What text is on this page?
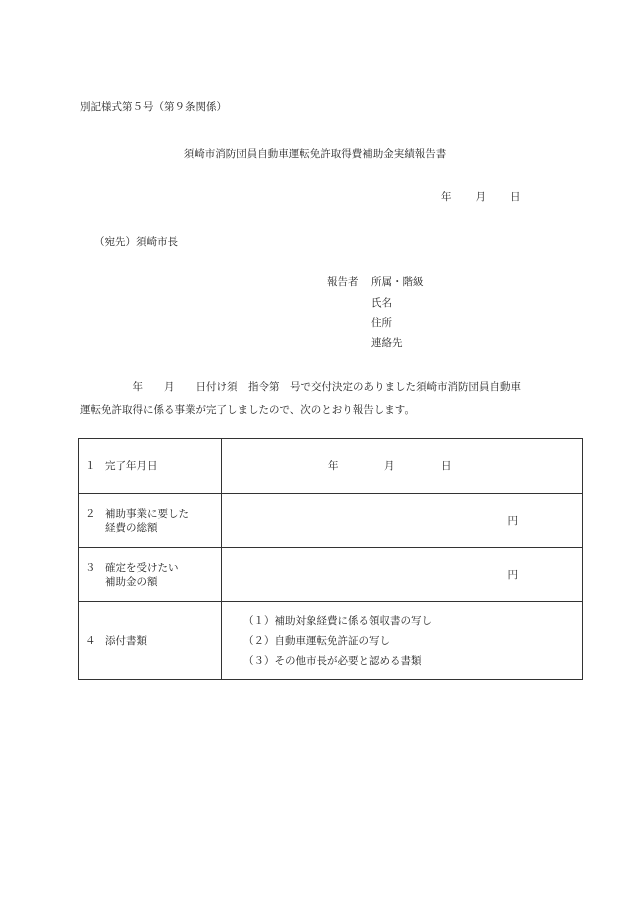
別記様式第５号（第９条関係）
須崎市消防団員自動車運転免許取得費補助金実績報告書
年 月 日
（宛先）須崎市長
報告者 所属・階級
氏名
住所
連絡先
　　　　　年　　月　　日付け須　指令第　号で交付決定のありました須崎市消防団員自動車
運転免許取得に係る事業が完了しましたので、次のとおり報告します。
１ 完了年月日	年 月 日

２ 補助事業に要した
経費の総額	円
３ 確定を受けたい
補助金の額	円
４ 添付書類	（１）補助対象経費に係る領収書の写し
（２）自動車運転免許証の写し
（３）その他市長が必要と認める書類
